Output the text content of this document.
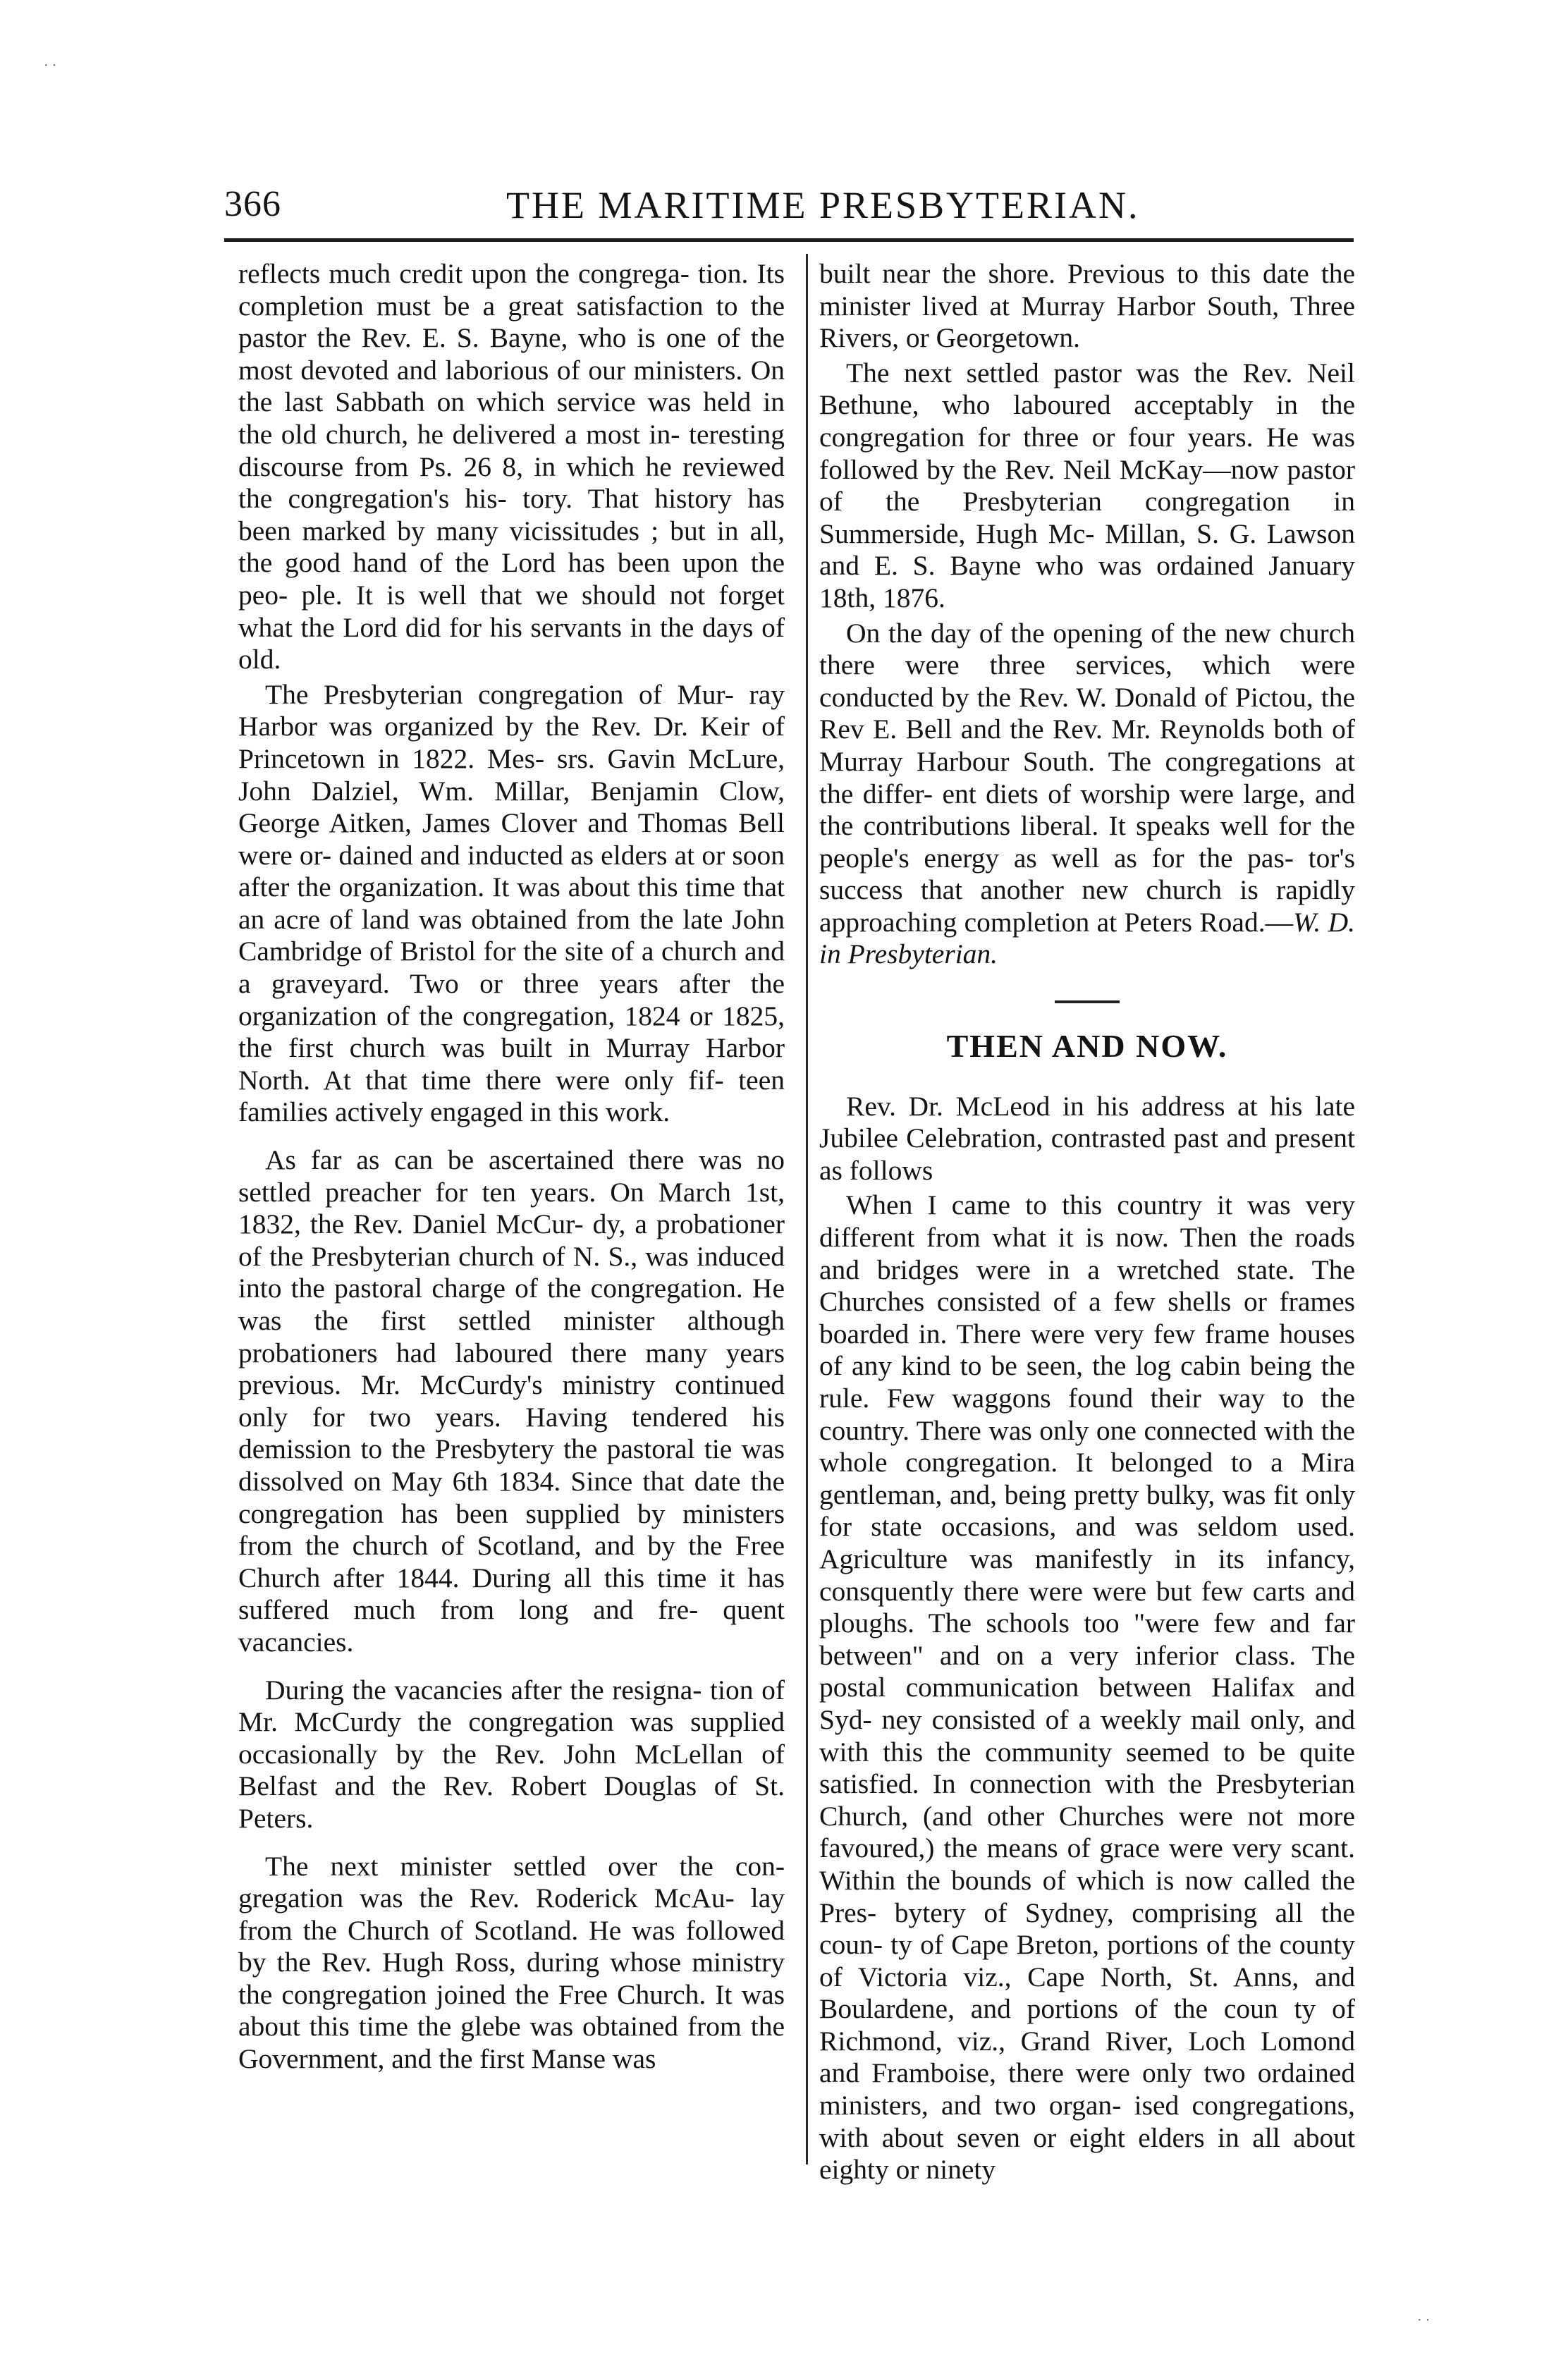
366	THE MARITIME PRESBYTERIAN.

reflects much credit upon the congrega- tion. Its completion must be a great satisfaction to the pastor the Rev. E. S. Bayne, who is one of the most devoted and laborious of our ministers. On the last Sabbath on which service was held in the old church, he delivered a most in- teresting discourse from Ps. 26 8, in which he reviewed the congregation's his- tory. That history has been marked by many vicissitudes ; but in all, the good hand of the Lord has been upon the peo- ple. It is well that we should not forget what the Lord did for his servants in the days of old.

The Presbyterian congregation of Mur- ray Harbor was organized by the Rev. Dr. Keir of Princetown in 1822. Mes- srs. Gavin McLure, John Dalziel, Wm. Millar, Benjamin Clow, George Aitken, James Clover and Thomas Bell were or- dained and inducted as elders at or soon after the organization. It was about this time that an acre of land was obtained from the late John Cambridge of Bristol for the site of a church and a graveyard. Two or three years after the organization of the congregation, 1824 or 1825, the first church was built in Murray Harbor North. At that time there were only fif- teen families actively engaged in this work.

As far as can be ascertained there was no settled preacher for ten years. On March 1st, 1832, the Rev. Daniel McCur- dy, a probationer of the Presbyterian church of N. S., was induced into the pastoral charge of the congregation. He was the first settled minister although probationers had laboured there many years previous. Mr. McCurdy's ministry continued only for two years. Having tendered his demission to the Presbytery the pastoral tie was dissolved on May 6th 1834. Since that date the congregation has been supplied by ministers from the church of Scotland, and by the Free Church after 1844. During all this time it has suffered much from long and fre- quent vacancies.

During the vacancies after the resigna- tion of Mr. McCurdy the congregation was supplied occasionally by the Rev. John McLellan of Belfast and the Rev. Robert Douglas of St. Peters.

The next minister settled over the con- gregation was the Rev. Roderick McAu- lay from the Church of Scotland. He was followed by the Rev. Hugh Ross, during whose ministry the congregation joined the Free Church. It was about this time the glebe was obtained from the Government, and the first Manse was

built near the shore. Previous to this date the minister lived at Murray Harbor South, Three Rivers, or Georgetown.

The next settled pastor was the Rev. Neil Bethune, who laboured acceptably in the congregation for three or four years. He was followed by the Rev. Neil McKay—now pastor of the Presbyterian congregation in Summerside, Hugh Mc- Millan, S. G. Lawson and E. S. Bayne who was ordained January 18th, 1876.

On the day of the opening of the new church there were three services, which were conducted by the Rev. W. Donald of Pictou, the Rev E. Bell and the Rev. Mr. Reynolds both of Murray Harbour South. The congregations at the differ- ent diets of worship were large, and the contributions liberal. It speaks well for the people's energy as well as for the pas- tor's success that another new church is rapidly approaching completion at Peters Road.—W. D. in Presbyterian.

THEN AND NOW.

Rev. Dr. McLeod in his address at his late Jubilee Celebration, contrasted past and present as follows

When I came to this country it was very different from what it is now. Then the roads and bridges were in a wretched state. The Churches consisted of a few shells or frames boarded in. There were very few frame houses of any kind to be seen, the log cabin being the rule. Few waggons found their way to the country. There was only one connected with the whole congregation. It belonged to a Mira gentleman, and, being pretty bulky, was fit only for state occasions, and was seldom used. Agriculture was manifestly in its infancy, consquently there were were but few carts and ploughs. The schools too "were few and far between" and on a very inferior class. The postal communication between Halifax and Syd- ney consisted of a weekly mail only, and with this the community seemed to be quite satisfied. In connection with the Presbyterian Church, (and other Churches were not more favoured,) the means of grace were very scant. Within the bounds of which is now called the Pres- bytery of Sydney, comprising all the coun- ty of Cape Breton, portions of the county of Victoria viz., Cape North, St. Anns, and Boulardene, and portions of the coun ty of Richmond, viz., Grand River, Loch Lomond and Framboise, there were only two ordained ministers, and two organ- ised congregations, with about seven or eight elders in all about eighty or ninety

· ·
· ·
